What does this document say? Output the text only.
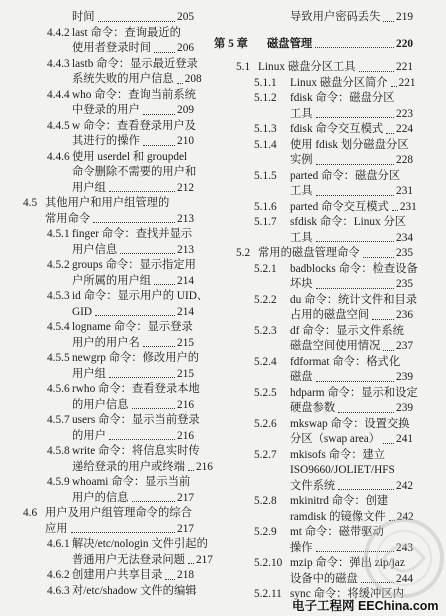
时间	205
4.4.2 last 命令：查询最近的
使用者登录时间 206
4.4.3 lastb 命令：显示最近登录
系统失败的用户信息 208
4.4.4 who 命令：查询当前系统
中登录的用户	209
4.4.5 w 命令：查看登录用户及
其进行的操作	210
4.4.6 使用 userdel 和 groupdel
命令删除不需要的用户和
用户组	212
4.5 其他用户和用户组管理的
常用命令	213
4.5.1 finger 命令：查找并显示
用户信息	213
4.5.2 groups 命令：显示指定用
户所属的用户组 214
4.5.3 id 命令：显示用户的 UID、
GID	214
4.5.4 logname 命令：显示登录
用户的用户名	215
4.5.5 newgrp 命令：修改用户的
用户组	215
4.5.6 rwho 命令：查看登录本地
的用户信息	216
4.5.7 users 命令：显示当前登录
的用户	216
4.5.8 write 命令：将信息实时传
递给登录的用户或终端 216
4.5.9 whoami 命令：显示当前
用户的信息	217
4.6 用户及用户组管理命令的综合
应用	217
4.6.1 解决/etc/nologin 文件引起的
普通用户无法登录问题 217
4.6.2 创建用户共享目录 218
4.6.3 对/etc/shadow 文件的编辑
导致用户密码丢失 219
第 5 章 磁盘管理	220
5.1 Linux 磁盘分区工具	221
5.1.1 Linux 磁盘分区简介 221
5.1.2 fdisk 命令：磁盘分区
工具	223
5.1.3 fdisk 命令交互模式 224
5.1.4 使用 fdisk 划分磁盘分区
实例	228
5.1.5 parted 命令：磁盘分区
工具	231
5.1.6 parted 命令交互模式 231
5.1.7 sfdisk 命令：Linux 分区
工具	234
5.2 常用的磁盘管理命令	235
5.2.1 badblocks 命令：检查设备
坏块	235
5.2.2 du 命令：统计文件和目录
占用的磁盘空间 236
5.2.3 df 命令：显示文件系统
磁盘空间使用情况 237
5.2.4 fdformat 命令：格式化
磁盘	239
5.2.5 hdparm 命令：显示和设定
硬盘参数	239
5.2.6 mkswap 命令：设置交换
分区（swap area） 241
5.2.7 mkisofs 命令：建立
ISO9660/JOLIET/HFS
文件系统	242
5.2.8 mkinitrd 命令：创建
ramdisk 的镜像文件 242
5.2.9 mt 命令：磁带驱动
操作	243
5.2.10 mzip 命令：弹出 zip/jaz
设备中的磁盘	244
5.2.11 sync 命令：将缓冲区内
电子工程网 EEChina.com
